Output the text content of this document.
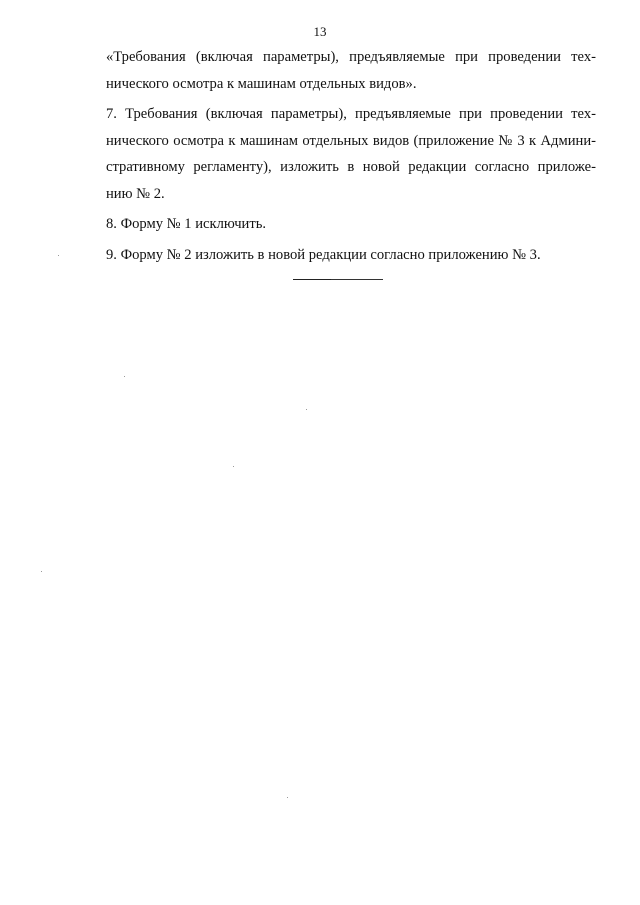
13
«Требования (включая параметры), предъявляемые при проведении тех-
нического осмотра к машинам отдельных видов».
7. Требования (включая параметры), предъявляемые при проведении тех-
нического осмотра к машинам отдельных видов (приложение № 3 к Админи-
стративному регламенту), изложить в новой редакции согласно приложе-
нию № 2.
8. Форму № 1 исключить.
9. Форму № 2 изложить в новой редакции согласно приложению № 3.
